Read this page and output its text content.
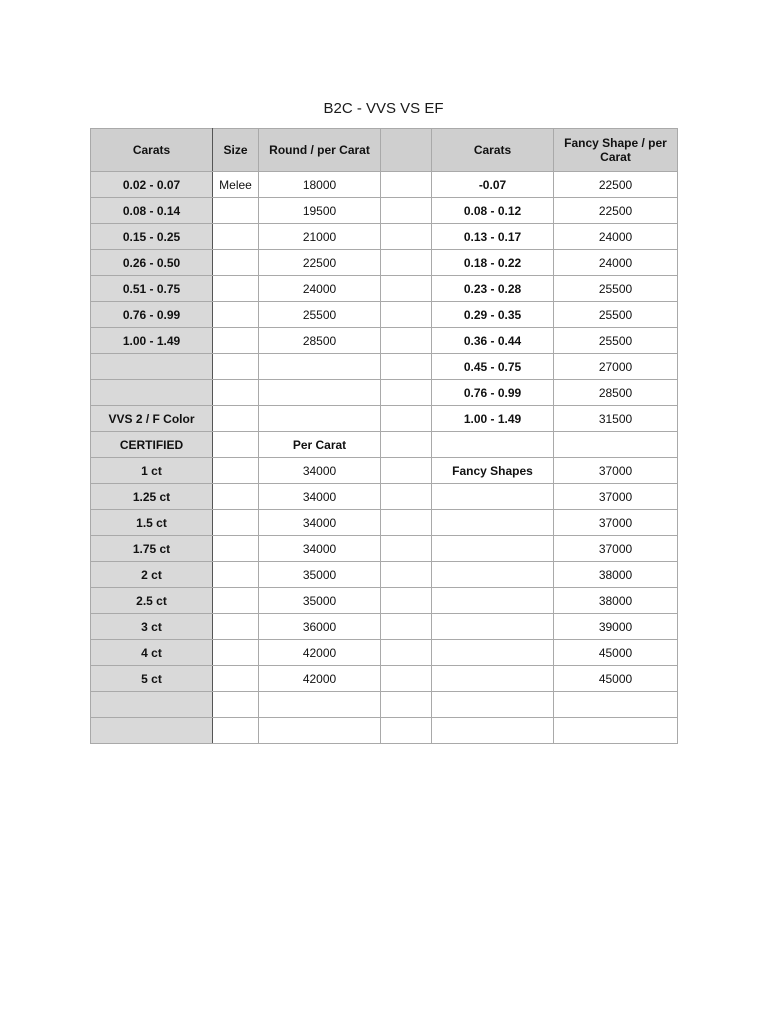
B2C - VVS VS EF
Carats	Size	Round / per Carat		Carats	Fancy Shape / per Carat
0.02 - 0.07	Melee	18000		-0.07	22500
0.08 - 0.14		19500		0.08 - 0.12	22500
0.15 - 0.25		21000		0.13 - 0.17	24000
0.26 - 0.50		22500		0.18 - 0.22	24000
0.51 - 0.75		24000		0.23 - 0.28	25500
0.76 - 0.99		25500		0.29 - 0.35	25500
1.00 - 1.49		28500		0.36 - 0.44	25500
				0.45 - 0.75	27000
				0.76 - 0.99	28500
VVS 2 / F Color				1.00 - 1.49	31500
CERTIFIED		Per Carat			
1 ct		34000		Fancy Shapes	37000
1.25 ct		34000			37000
1.5 ct		34000			37000
1.75 ct		34000			37000
2 ct		35000			38000
2.5 ct		35000			38000
3 ct		36000			39000
4 ct		42000			45000
5 ct		42000			45000
